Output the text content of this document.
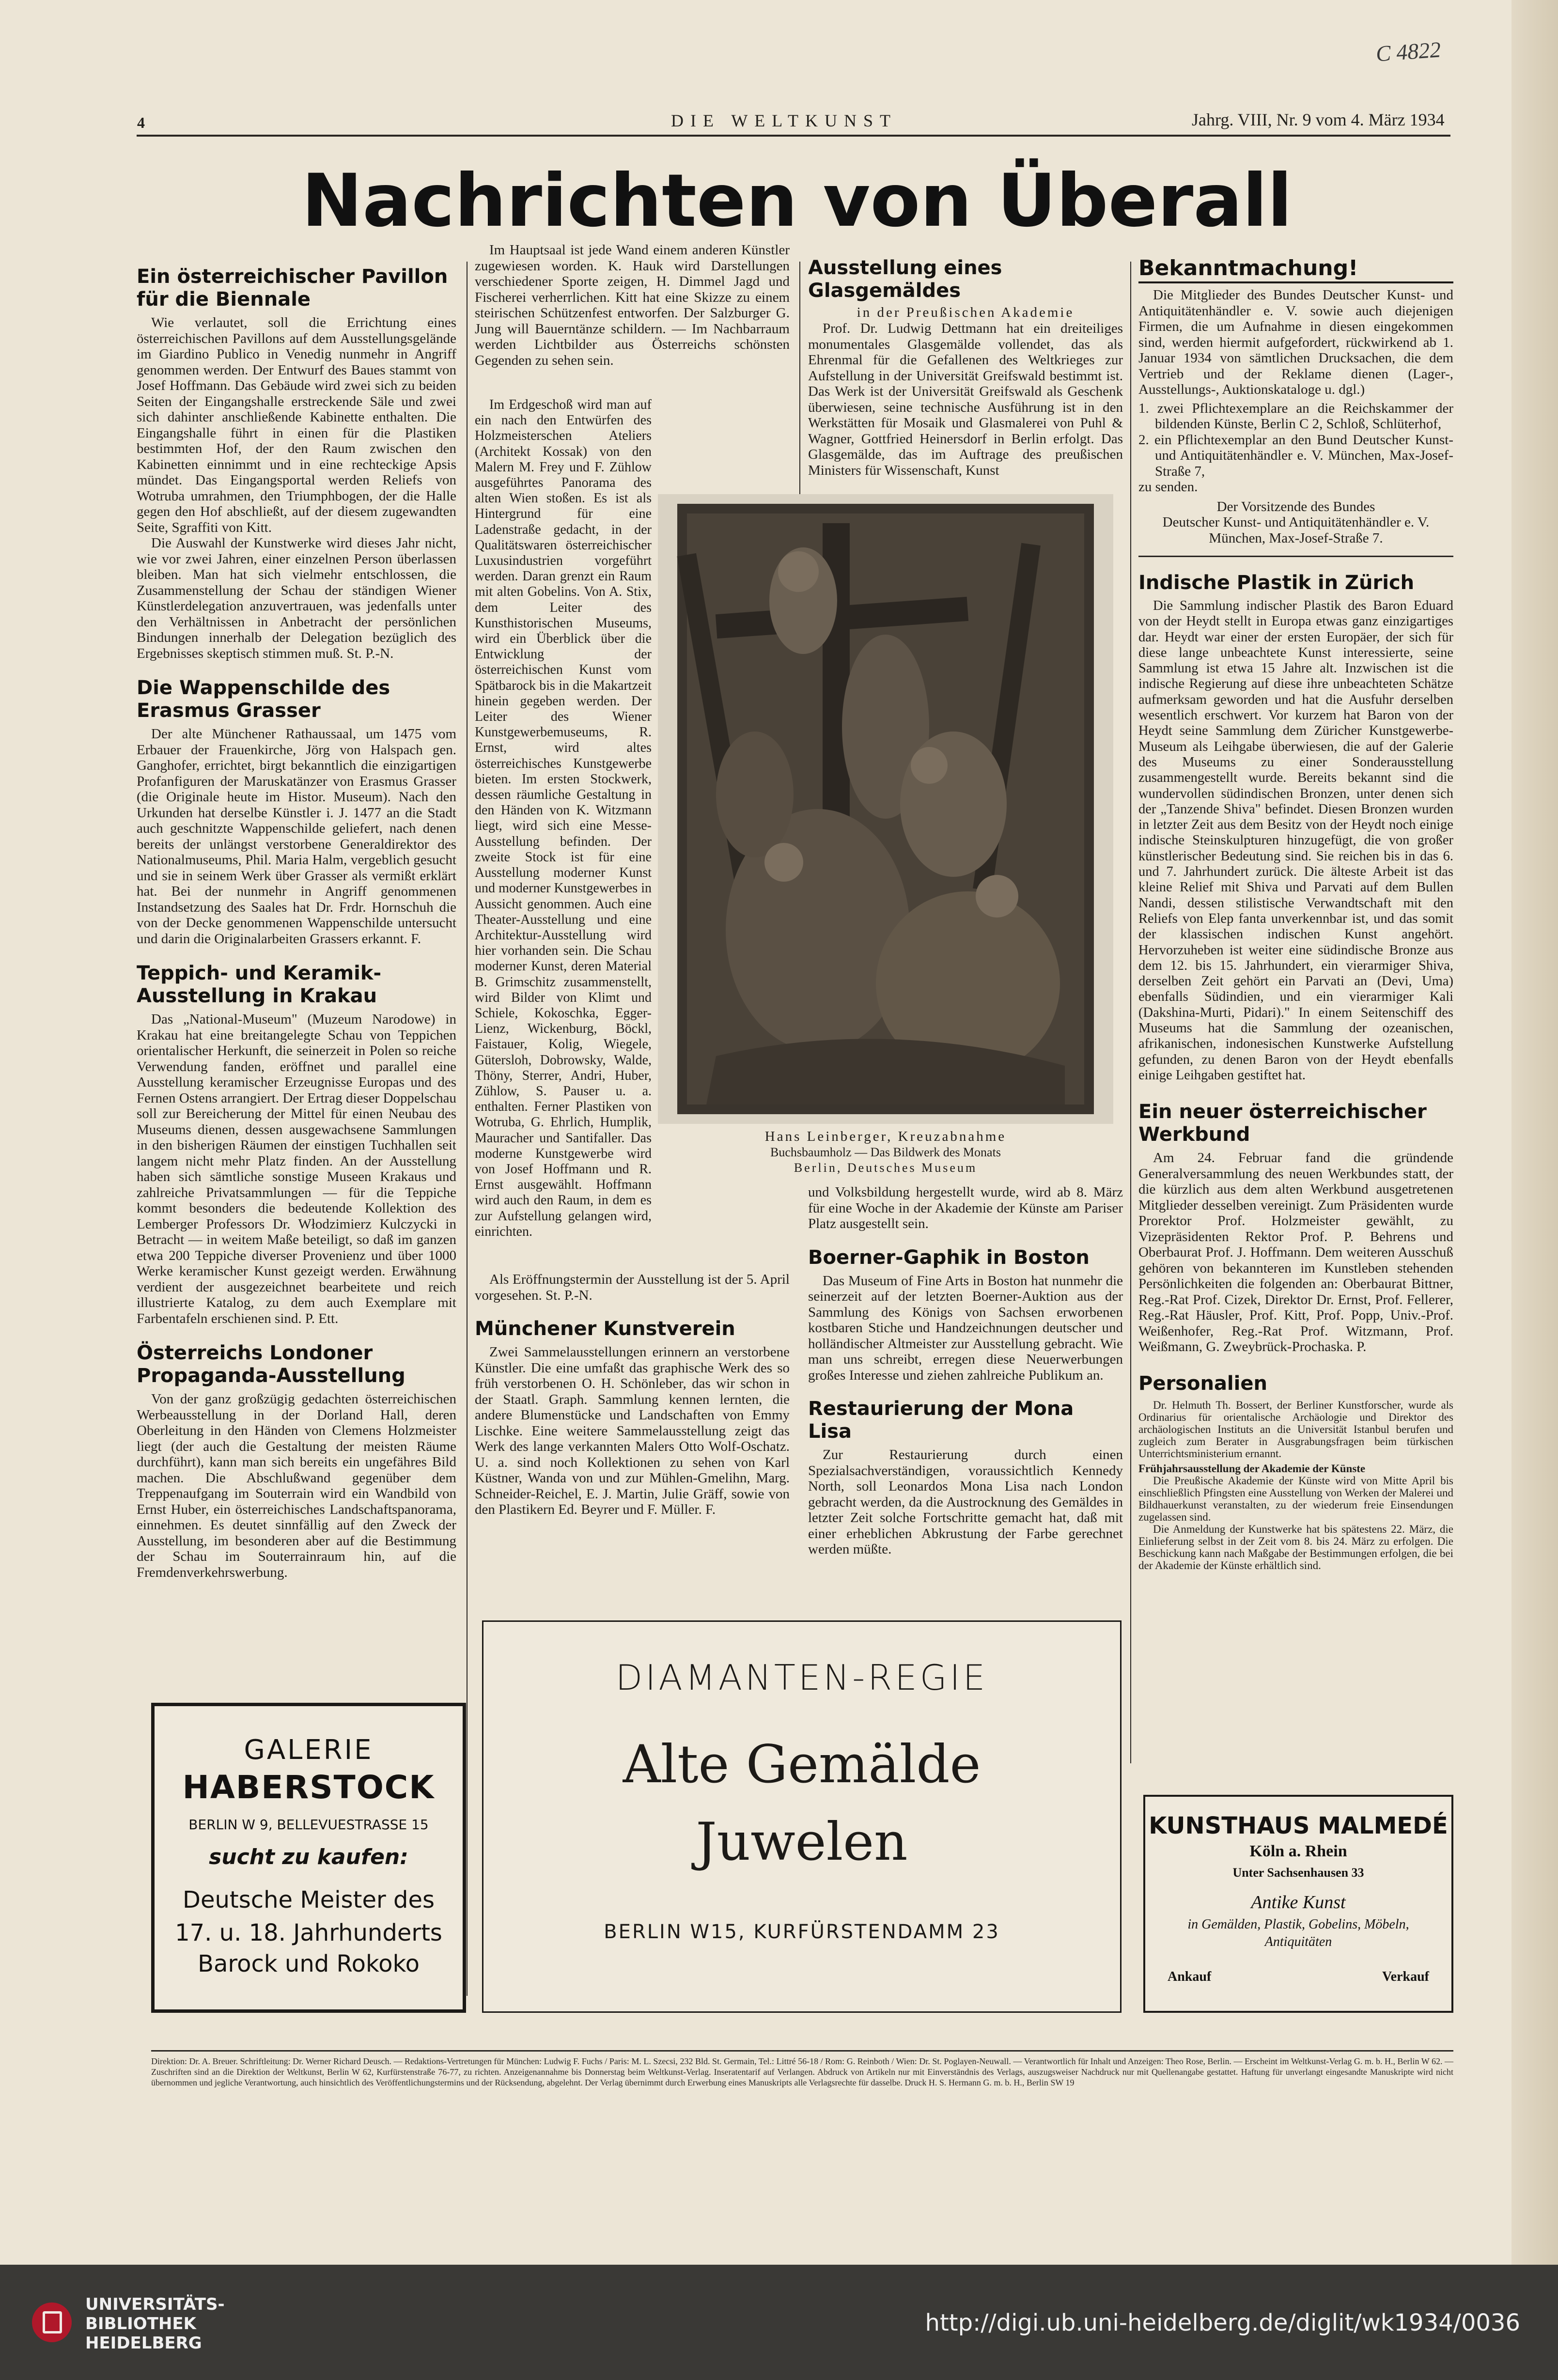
C 4822
4	DIE WELTKUNST	Jahrg. VIII, Nr. 9 vom 4. März 1934
Nachrichten von Überall
Ein österreichischer Pavillon für die Biennale

Wie verlautet, soll die Errichtung eines österreichischen Pavillons auf dem Ausstellungsgelände im Giardino Publico in Venedig nunmehr in Angriff genommen werden. Der Entwurf des Baues stammt von Josef Hoffmann. Das Gebäude wird zwei sich zu beiden Seiten der Eingangshalle erstreckende Säle und zwei sich dahinter anschließende Kabinette enthalten. Die Eingangshalle führt in einen für die Plastiken bestimmten Hof, der den Raum zwischen den Kabinetten einnimmt und in eine rechteckige Apsis mündet. Das Eingangsportal werden Reliefs von Wotruba umrahmen, den Triumphbogen, der die Halle gegen den Hof abschließt, auf der diesem zugewandten Seite, Sgraffiti von Kitt.

Die Auswahl der Kunstwerke wird dieses Jahr nicht, wie vor zwei Jahren, einer einzelnen Person überlassen bleiben. Man hat sich vielmehr entschlossen, die Zusammenstellung der Schau der ständigen Wiener Künstlerdelegation anzuvertrauen, was jedenfalls unter den Verhältnissen in Anbetracht der persönlichen Bindungen innerhalb der Delegation bezüglich des Ergebnisses skeptisch stimmen muß. St. P.-N.

Die Wappenschilde des Erasmus Grasser

Der alte Münchener Rathaussaal, um 1475 vom Erbauer der Frauenkirche, Jörg von Halspach gen. Ganghofer, errichtet, birgt bekanntlich die einzigartigen Profanfiguren der Maruskatänzer von Erasmus Grasser (die Originale heute im Histor. Museum). Nach den Urkunden hat derselbe Künstler i. J. 1477 an die Stadt auch geschnitzte Wappenschilde geliefert, nach denen bereits der unlängst verstorbene Generaldirektor des Nationalmuseums, Phil. Maria Halm, vergeblich gesucht und sie in seinem Werk über Grasser als vermißt erklärt hat. Bei der nunmehr in Angriff genommenen Instandsetzung des Saales hat Dr. Frdr. Hornschuh die von der Decke genommenen Wappenschilde untersucht und darin die Originalarbeiten Grassers erkannt. F.

Teppich- und Keramik-Ausstellung in Krakau

Das „National-Museum" (Muzeum Narodowe) in Krakau hat eine breitangelegte Schau von Teppichen orientalischer Herkunft, die seinerzeit in Polen so reiche Verwendung fanden, eröffnet und parallel eine Ausstellung keramischer Erzeugnisse Europas und des Fernen Ostens arrangiert. Der Ertrag dieser Doppelschau soll zur Bereicherung der Mittel für einen Neubau des Museums dienen, dessen ausgewachsene Sammlungen in den bisherigen Räumen der einstigen Tuchhallen seit langem nicht mehr Platz finden. An der Ausstellung haben sich sämtliche sonstige Museen Krakaus und zahlreiche Privatsammlungen — für die Teppiche kommt besonders die bedeutende Kollektion des Lemberger Professors Dr. Włodzimierz Kulczycki in Betracht — in weitem Maße beteiligt, so daß im ganzen etwa 200 Teppiche diverser Provenienz und über 1000 Werke keramischer Kunst gezeigt werden. Erwähnung verdient der ausgezeichnet bearbeitete und reich illustrierte Katalog, zu dem auch Exemplare mit Farbentafeln erschienen sind. P. Ett.

Österreichs Londoner Propaganda-Ausstellung

Von der ganz großzügig gedachten österreichischen Werbeausstellung in der Dorland Hall, deren Oberleitung in den Händen von Clemens Holzmeister liegt (der auch die Gestaltung der meisten Räume durchführt), kann man sich bereits ein ungefähres Bild machen. Die Abschlußwand gegenüber dem Treppenaufgang im Souterrain wird ein Wandbild von Ernst Huber, ein österreichisches Landschaftspanorama, einnehmen. Es deutet sinnfällig auf den Zweck der Ausstellung, im besonderen aber auf die Bestimmung der Schau im Souterrainraum hin, auf die Fremdenverkehrswerbung.

Im Hauptsaal ist jede Wand einem anderen Künstler zugewiesen worden. K. Hauk wird Darstellungen verschiedener Sporte zeigen, H. Dimmel Jagd und Fischerei verherrlichen. Kitt hat eine Skizze zu einem steirischen Schützenfest entworfen. Der Salzburger G. Jung will Bauerntänze schildern. — Im Nachbarraum werden Lichtbilder aus Österreichs schönsten Gegenden zu sehen sein.

Im Erdgeschoß wird man auf ein nach den Entwürfen des Holzmeisterschen Ateliers (Architekt Kossak) von den Malern M. Frey und F. Zühlow ausgeführtes Panorama des alten Wien stoßen. Es ist als Hintergrund für eine Ladenstraße gedacht, in der Qualitätswaren österreichischer Luxusindustrien vorgeführt werden. Daran grenzt ein Raum mit alten Gobelins. Von A. Stix, dem Leiter des Kunsthistorischen Museums, wird ein Überblick über die Entwicklung der österreichischen Kunst vom Spätbarock bis in die Makartzeit hinein gegeben werden. Der Leiter des Wiener Kunstgewerbemuseums, R. Ernst, wird altes österreichisches Kunstgewerbe bieten. Im ersten Stockwerk, dessen räumliche Gestaltung in den Händen von K. Witzmann liegt, wird sich eine Messe-Ausstellung befinden. Der zweite Stock ist für eine Ausstellung moderner Kunst und moderner Kunstgewerbes in Aussicht genommen. Auch eine Theater-Ausstellung und eine Architektur-Ausstellung wird hier vorhanden sein. Die Schau moderner Kunst, deren Material B. Grimschitz zusammenstellt, wird Bilder von Klimt und Schiele, Kokoschka, Egger-Lienz, Wickenburg, Böckl, Faistauer, Kolig, Wiegele, Gütersloh, Dobrowsky, Walde, Thöny, Sterrer, Andri, Huber, Zühlow, S. Pauser u. a. enthalten. Ferner Plastiken von Wotruba, G. Ehrlich, Humplik, Mauracher und Santifaller. Das moderne Kunstgewerbe wird von Josef Hoffmann und R. Ernst ausgewählt. Hoffmann wird auch den Raum, in dem es zur Aufstellung gelangen wird, einrichten.

Als Eröffnungstermin der Ausstellung ist der 5. April vorgesehen. St. P.-N.

Münchener Kunstverein

Zwei Sammelausstellungen erinnern an verstorbene Künstler. Die eine umfaßt das graphische Werk des so früh verstorbenen O. H. Schönleber, das wir schon in der Staatl. Graph. Sammlung kennen lernten, die andere Blumenstücke und Landschaften von Emmy Lischke. Eine weitere Sammelausstellung zeigt das Werk des lange verkannten Malers Otto Wolf-Oschatz. U. a. sind noch Kollektionen zu sehen von Karl Küstner, Wanda von und zur Mühlen-Gmelihn, Marg. Schneider-Reichel, E. J. Martin, Julie Gräff, sowie von den Plastikern Ed. Beyrer und F. Müller. F.

Ausstellung eines Glasgemäldes

in der Preußischen Akademie

Prof. Dr. Ludwig Dettmann hat ein dreiteiliges monumentales Glasgemälde vollendet, das als Ehrenmal für die Gefallenen des Weltkrieges zur Aufstellung in der Universität Greifswald bestimmt ist. Das Werk ist der Universität Greifswald als Geschenk überwiesen, seine technische Ausführung ist in den Werkstätten für Mosaik und Glasmalerei von Puhl & Wagner, Gottfried Heinersdorf in Berlin erfolgt. Das Glasgemälde, das im Auftrage des preußischen Ministers für Wissenschaft, Kunst

Hans Leinberger, Kreuzabnahme

Buchsbaumholz — Das Bildwerk des Monats

Berlin, Deutsches Museum

und Volksbildung hergestellt wurde, wird ab 8. März für eine Woche in der Akademie der Künste am Pariser Platz ausgestellt sein.

Boerner-Gaphik in Boston

Das Museum of Fine Arts in Boston hat nunmehr die seinerzeit auf der letzten Boerner-Auktion aus der Sammlung des Königs von Sachsen erworbenen kostbaren Stiche und Handzeichnungen deutscher und holländischer Altmeister zur Ausstellung gebracht. Wie man uns schreibt, erregen diese Neuerwerbungen großes Interesse und ziehen zahlreiche Publikum an.

Restaurierung der Mona Lisa

Zur Restaurierung durch einen Spezialsachverständigen, voraussichtlich Kennedy North, soll Leonardos Mona Lisa nach London gebracht werden, da die Austrocknung des Gemäldes in letzter Zeit solche Fortschritte gemacht hat, daß mit einer erheblichen Abkrustung der Farbe gerechnet werden müßte.

Bekanntmachung!

Die Mitglieder des Bundes Deutscher Kunst- und Antiquitätenhändler e. V. sowie auch diejenigen Firmen, die um Aufnahme in diesen eingekommen sind, werden hiermit aufgefordert, rückwirkend ab 1. Januar 1934 von sämtlichen Drucksachen, die dem Vertrieb und der Reklame dienen (Lager-, Ausstellungs-, Auktionskataloge u. dgl.)

1. zwei Pflichtexemplare an die Reichskammer der bildenden Künste, Berlin C 2, Schloß, Schlüterhof,

2. ein Pflichtexemplar an den Bund Deutscher Kunst- und Antiquitätenhändler e. V. München, Max-Josef-Straße 7,

zu senden.

Der Vorsitzende des Bundes

Deutscher Kunst- und Antiquitätenhändler e. V.

München, Max-Josef-Straße 7.

Indische Plastik in Zürich

Die Sammlung indischer Plastik des Baron Eduard von der Heydt stellt in Europa etwas ganz einzigartiges dar. Heydt war einer der ersten Europäer, der sich für diese lange unbeachtete Kunst interessierte, seine Sammlung ist etwa 15 Jahre alt. Inzwischen ist die indische Regierung auf diese ihre unbeachteten Schätze aufmerksam geworden und hat die Ausfuhr derselben wesentlich erschwert. Vor kurzem hat Baron von der Heydt seine Sammlung dem Züricher Kunstgewerbe-Museum als Leihgabe überwiesen, die auf der Galerie des Museums zu einer Sonderausstellung zusammengestellt wurde. Bereits bekannt sind die wundervollen südindischen Bronzen, unter denen sich der „Tanzende Shiva" befindet. Diesen Bronzen wurden in letzter Zeit aus dem Besitz von der Heydt noch einige indische Steinskulpturen hinzugefügt, die von großer künstlerischer Bedeutung sind. Sie reichen bis in das 6. und 7. Jahrhundert zurück. Die älteste Arbeit ist das kleine Relief mit Shiva und Parvati auf dem Bullen Nandi, dessen stilistische Verwandtschaft mit den Reliefs von Elep fanta unverkennbar ist, und das somit der klassischen indischen Kunst angehört. Hervorzuheben ist weiter eine südindische Bronze aus dem 12. bis 15. Jahrhundert, ein vierarmiger Shiva, derselben Zeit gehört ein Parvati an (Devi, Uma) ebenfalls Südindien, und ein vierarmiger Kali (Dakshina-Murti, Pidari)." In einem Seitenschiff des Museums hat die Sammlung der ozeanischen, afrikanischen, indonesischen Kunstwerke Aufstellung gefunden, zu denen Baron von der Heydt ebenfalls einige Leihgaben gestiftet hat.

Ein neuer österreichischer Werkbund

Am 24. Februar fand die gründende Generalversammlung des neuen Werkbundes statt, der die kürzlich aus dem alten Werkbund ausgetretenen Mitglieder desselben vereinigt. Zum Präsidenten wurde Prorektor Prof. Holzmeister gewählt, zu Vizepräsidenten Rektor Prof. P. Behrens und Oberbaurat Prof. J. Hoffmann. Dem weiteren Ausschuß gehören von bekannteren im Kunstleben stehenden Persönlichkeiten die folgenden an: Oberbaurat Bittner, Reg.-Rat Prof. Cizek, Direktor Dr. Ernst, Prof. Fellerer, Reg.-Rat Häusler, Prof. Kitt, Prof. Popp, Univ.-Prof. Weißenhofer, Reg.-Rat Prof. Witzmann, Prof. Weißmann, G. Zweybrück-Prochaska. P.

Personalien

Dr. Helmuth Th. Bossert, der Berliner Kunstforscher, wurde als Ordinarius für orientalische Archäologie und Direktor des archäologischen Instituts an die Universität Istanbul berufen und zugleich zum Berater in Ausgrabungsfragen beim türkischen Unterrichtsministerium ernannt.

Frühjahrsausstellung der Akademie der Künste

Die Preußische Akademie der Künste wird von Mitte April bis einschließlich Pfingsten eine Ausstellung von Werken der Malerei und Bildhauerkunst veranstalten, zu der wiederum freie Einsendungen zugelassen sind.

Die Anmeldung der Kunstwerke hat bis spätestens 22. März, die Einlieferung selbst in der Zeit vom 8. bis 24. März zu erfolgen. Die Beschickung kann nach Maßgabe der Bestimmungen erfolgen, die bei der Akademie der Künste erhältlich sind.

GALERIE
HABERSTOCK
BERLIN W 9, BELLEVUESTRASSE 15
sucht zu kaufen:
Deutsche Meister des
17. u. 18. Jahrhunderts
Barock und Rokoko
DIAMANTEN-REGIE
Alte Gemälde
Juwelen
BERLIN W15, KURFÜRSTENDAMM 23
KUNSTHAUS MALMEDÉ
Köln a. Rhein
Unter Sachsenhausen 33
Antike Kunst
in Gemälden, Plastik, Gobelins, Möbeln,
Antiquitäten
Ankauf	Verkauf

Direktion: Dr. A. Breuer. Schriftleitung: Dr. Werner Richard Deusch. — Redaktions-Vertretungen für München: Ludwig F. Fuchs / Paris: M. L. Szecsi, 232 Bld. St. Germain, Tel.: Littré 56-18 / Rom: G. Reinboth / Wien: Dr. St. Poglayen-Neuwall. — Verantwortlich für Inhalt und Anzeigen: Theo Rose, Berlin. — Erscheint im Weltkunst-Verlag G. m. b. H., Berlin W 62. — Zuschriften sind an die Direktion der Weltkunst, Berlin W 62, Kurfürstenstraße 76-77, zu richten. Anzeigenannahme bis Donnerstag beim Weltkunst-Verlag. Inseratentarif auf Verlangen. Abdruck von Artikeln nur mit Einverständnis des Verlags, auszugsweiser Nachdruck nur mit Quellenangabe gestattet. Haftung für unverlangt eingesandte Manuskripte wird nicht übernommen und jegliche Verantwortung, auch hinsichtlich des Veröffentlichungstermins und der Rücksendung, abgelehnt. Der Verlag übernimmt durch Erwerbung eines Manuskripts alle Verlagsrechte für dasselbe. Druck H. S. Hermann G. m. b. H., Berlin SW 19

UNIVERSITÄTS-
BIBLIOTHEK
HEIDELBERG
http://digi.ub.uni-heidelberg.de/diglit/wk1934/0036
